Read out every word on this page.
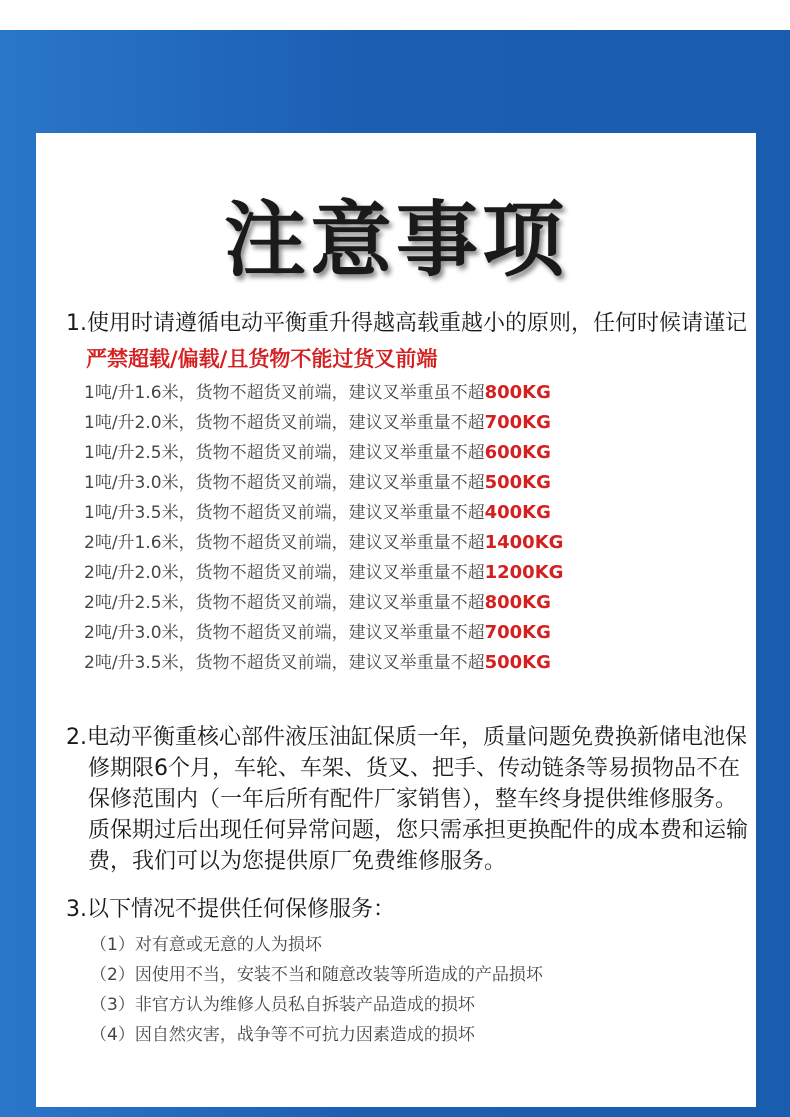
注意事项

1.使用时请遵循电动平衡重升得越高载重越小的原则，任何时候请谨记

严禁超载/偏载/且货物不能过货叉前端
1吨/升1.6米，货物不超货叉前端，建议叉举重虽不超800KG
1吨/升2.0米，货物不超货叉前端，建议叉举重量不超700KG
1吨/升2.5米，货物不超货叉前端，建议叉举重量不超600KG
1吨/升3.0米，货物不超货叉前端，建议叉举重量不超500KG
1吨/升3.5米，货物不超货叉前端，建议叉举重量不超400KG
2吨/升1.6米，货物不超货叉前端，建议叉举重量不超1400KG
2吨/升2.0米，货物不超货叉前端，建议叉举重量不超1200KG
2吨/升2.5米，货物不超货叉前端，建议叉举重量不超800KG
2吨/升3.0米，货物不超货叉前端，建议叉举重量不超700KG
2吨/升3.5米，货物不超货叉前端，建议叉举重量不超500KG

2.电动平衡重核心部件液压油缸保质一年，质量问题免费换新储电池保修期限6个月，车轮、车架、货叉、把手、传动链条等易损物品不在保修范围内（一年后所有配件厂家销售），整车终身提供维修服务。质保期过后出现任何异常问题，您只需承担更换配件的成本费和运输费，我们可以为您提供原厂免费维修服务。

3.以下情况不提供任何保修服务：

（1）对有意或无意的人为损坏
（2）因使用不当，安装不当和随意改装等所造成的产品损坏
（3）非官方认为维修人员私自拆装产品造成的损坏
（4）因自然灾害，战争等不可抗力因素造成的损坏
